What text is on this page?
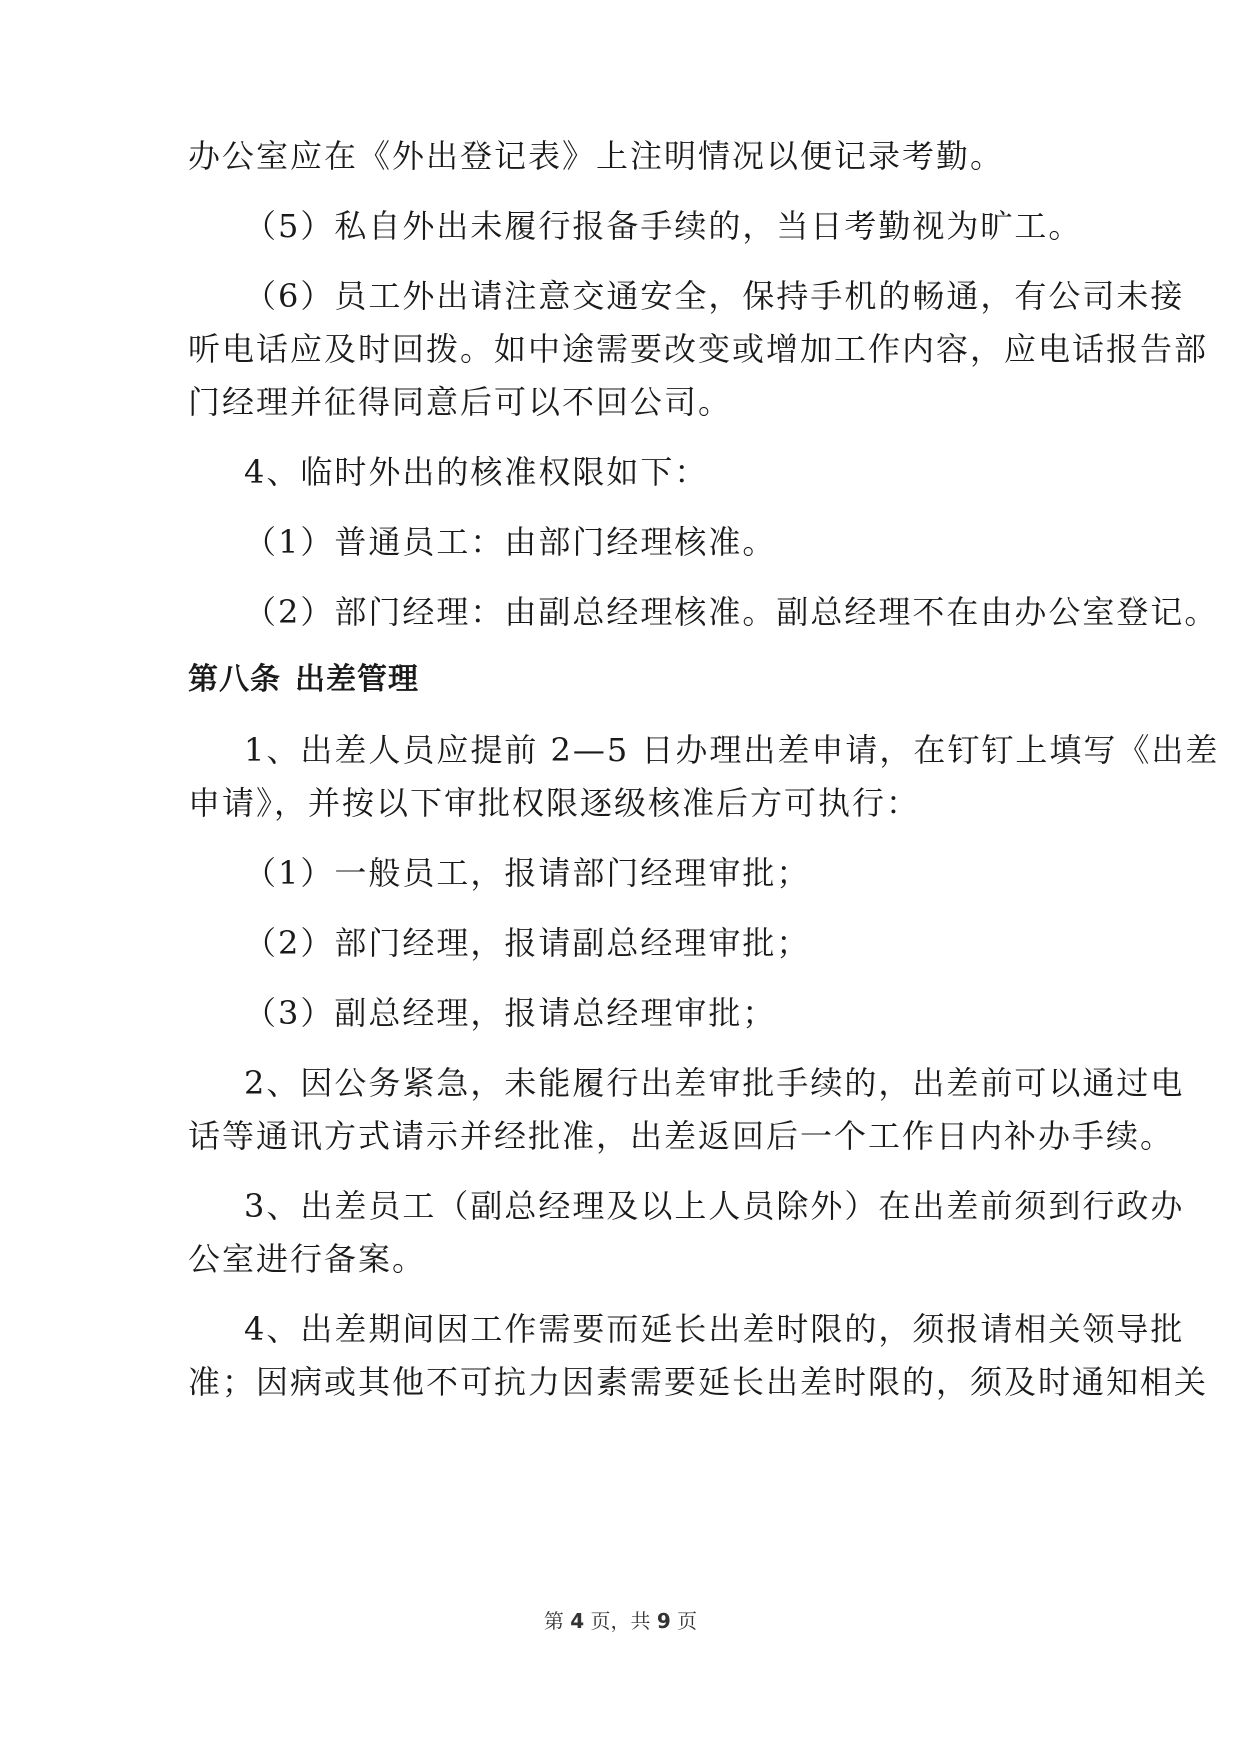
办公室应在《外出登记表》上注明情况以便记录考勤。
（5）私自外出未履行报备手续的，当日考勤视为旷工。
（6）员工外出请注意交通安全，保持手机的畅通，有公司未接
听电话应及时回拨。如中途需要改变或增加工作内容，应电话报告部
门经理并征得同意后可以不回公司。
4、临时外出的核准权限如下：
（1）普通员工：由部门经理核准。
（2）部门经理：由副总经理核准。副总经理不在由办公室登记。
第八条 出差管理
1、出差人员应提前 2—5 日办理出差申请，在钉钉上填写《出差
申请》，并按以下审批权限逐级核准后方可执行：
（1）一般员工，报请部门经理审批；
（2）部门经理，报请副总经理审批；
（3）副总经理，报请总经理审批；
2、因公务紧急，未能履行出差审批手续的，出差前可以通过电
话等通讯方式请示并经批准，出差返回后一个工作日内补办手续。
3、出差员工（副总经理及以上人员除外）在出差前须到行政办
公室进行备案。
4、出差期间因工作需要而延长出差时限的，须报请相关领导批
准；因病或其他不可抗力因素需要延长出差时限的，须及时通知相关
第 4 页，共 9 页
